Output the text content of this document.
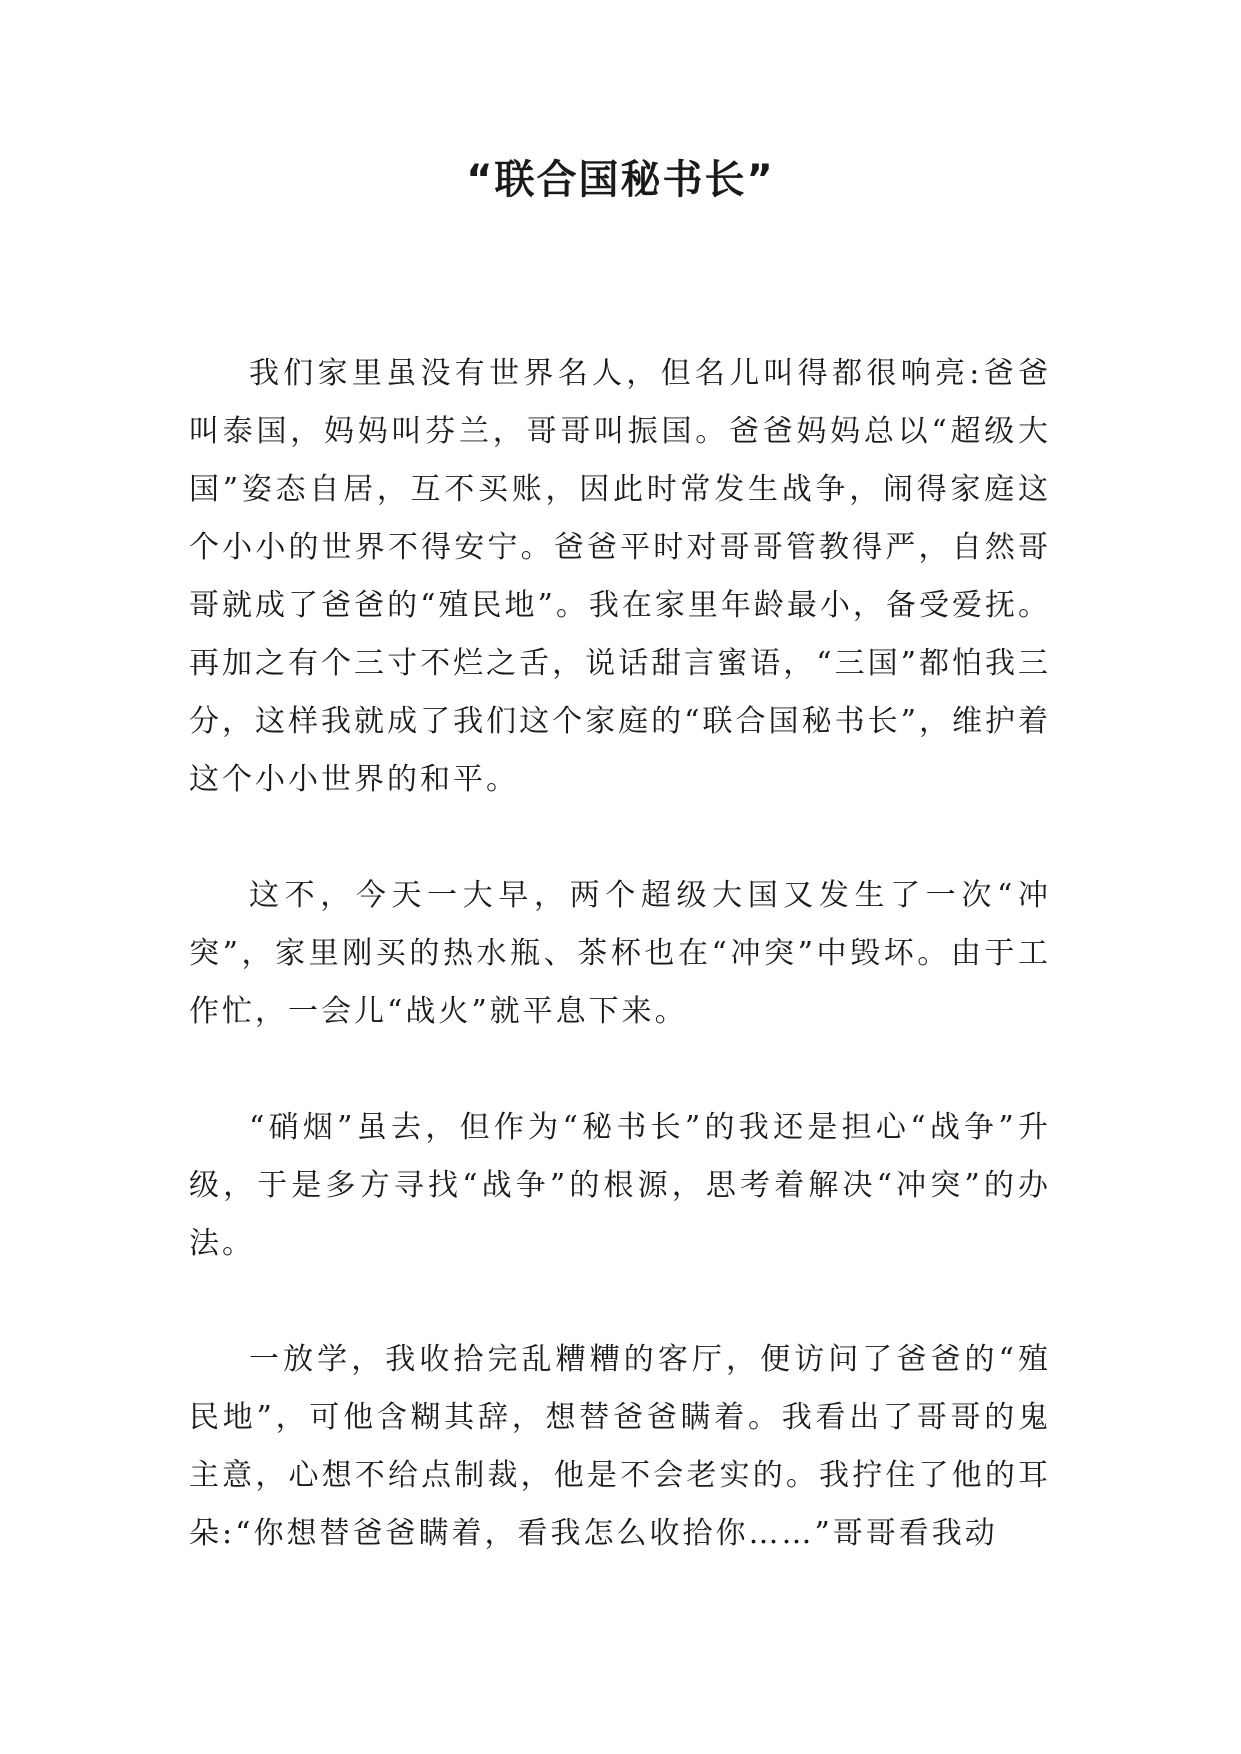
“联合国秘书长”

我们家里虽没有世界名人，但名儿叫得都很响亮:爸爸叫泰国，妈妈叫芬兰，哥哥叫振国。爸爸妈妈总以“超级大国”姿态自居，互不买账，因此时常发生战争，闹得家庭这个小小的世界不得安宁。爸爸平时对哥哥管教得严，自然哥哥就成了爸爸的“殖民地”。我在家里年龄最小，备受爱抚。再加之有个三寸不烂之舌，说话甜言蜜语，“三国”都怕我三分，这样我就成了我们这个家庭的“联合国秘书长”，维护着这个小小世界的和平。

这不，今天一大早，两个超级大国又发生了一次“冲突”，家里刚买的热水瓶、茶杯也在“冲突”中毁坏。由于工作忙，一会儿“战火”就平息下来。

“硝烟”虽去，但作为“秘书长”的我还是担心“战争”升级，于是多方寻找“战争”的根源，思考着解决“冲突”的办法。

一放学，我收拾完乱糟糟的客厅，便访问了爸爸的“殖民地”，可他含糊其辞，想替爸爸瞒着。我看出了哥哥的鬼主意，心想不给点制裁，他是不会老实的。我拧住了他的耳朵:“你想替爸爸瞒着，看我怎么收拾你……”哥哥看我动
